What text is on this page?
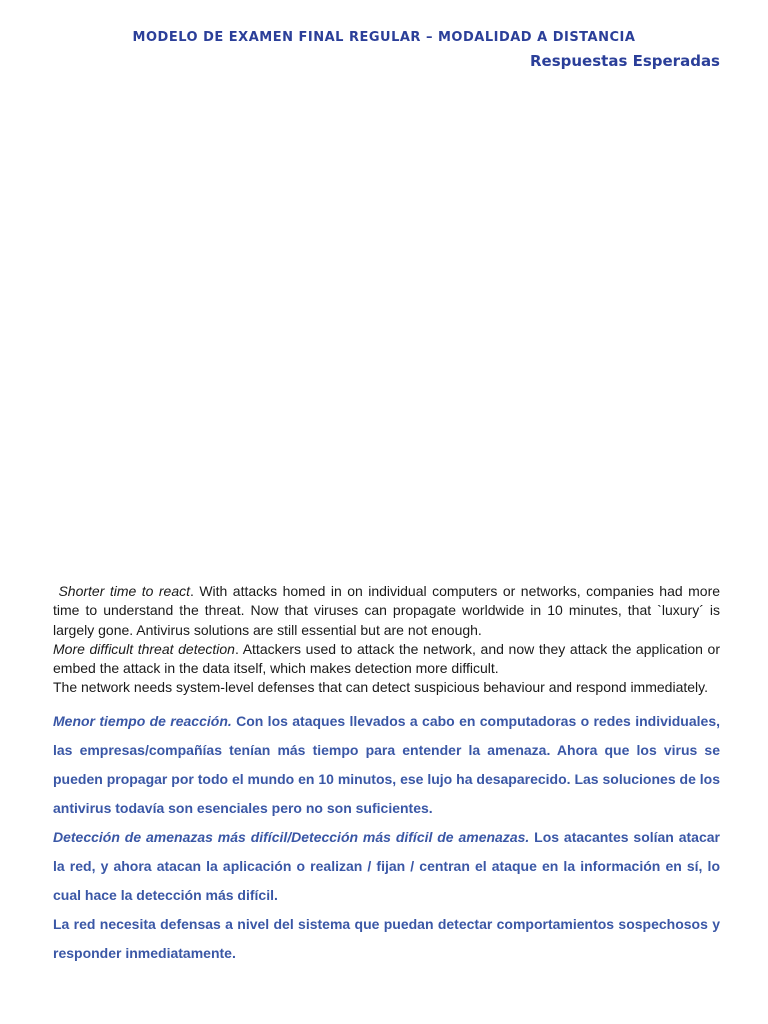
MODELO DE EXAMEN FINAL REGULAR – MODALIDAD A DISTANCIA
Respuestas Esperadas

Shorter time to react. With attacks homed in on individual computers or networks, companies had more time to understand the threat. Now that viruses can propagate worldwide in 10 minutes, that `luxury´ is largely gone. Antivirus solutions are still essential but are not enough.

More difficult threat detection. Attackers used to attack the network, and now they attack the application or embed the attack in the data itself, which makes detection more difficult.

The network needs system-level defenses that can detect suspicious behaviour and respond immediately.

Menor tiempo de reacción. Con los ataques llevados a cabo en computadoras o redes individuales, las empresas/compañías tenían más tiempo para entender la amenaza. Ahora que los virus se pueden propagar por todo el mundo en 10 minutos, ese lujo ha desaparecido. Las soluciones de los antivirus todavía son esenciales pero no son suficientes.

Detección de amenazas más difícil/Detección más difícil de amenazas. Los atacantes solían atacar la red, y ahora atacan la aplicación o realizan / fijan / centran el ataque en la información en sí, lo cual hace la detección más difícil.

La red necesita defensas a nivel del sistema que puedan detectar comportamientos sospechosos y responder inmediatamente.
